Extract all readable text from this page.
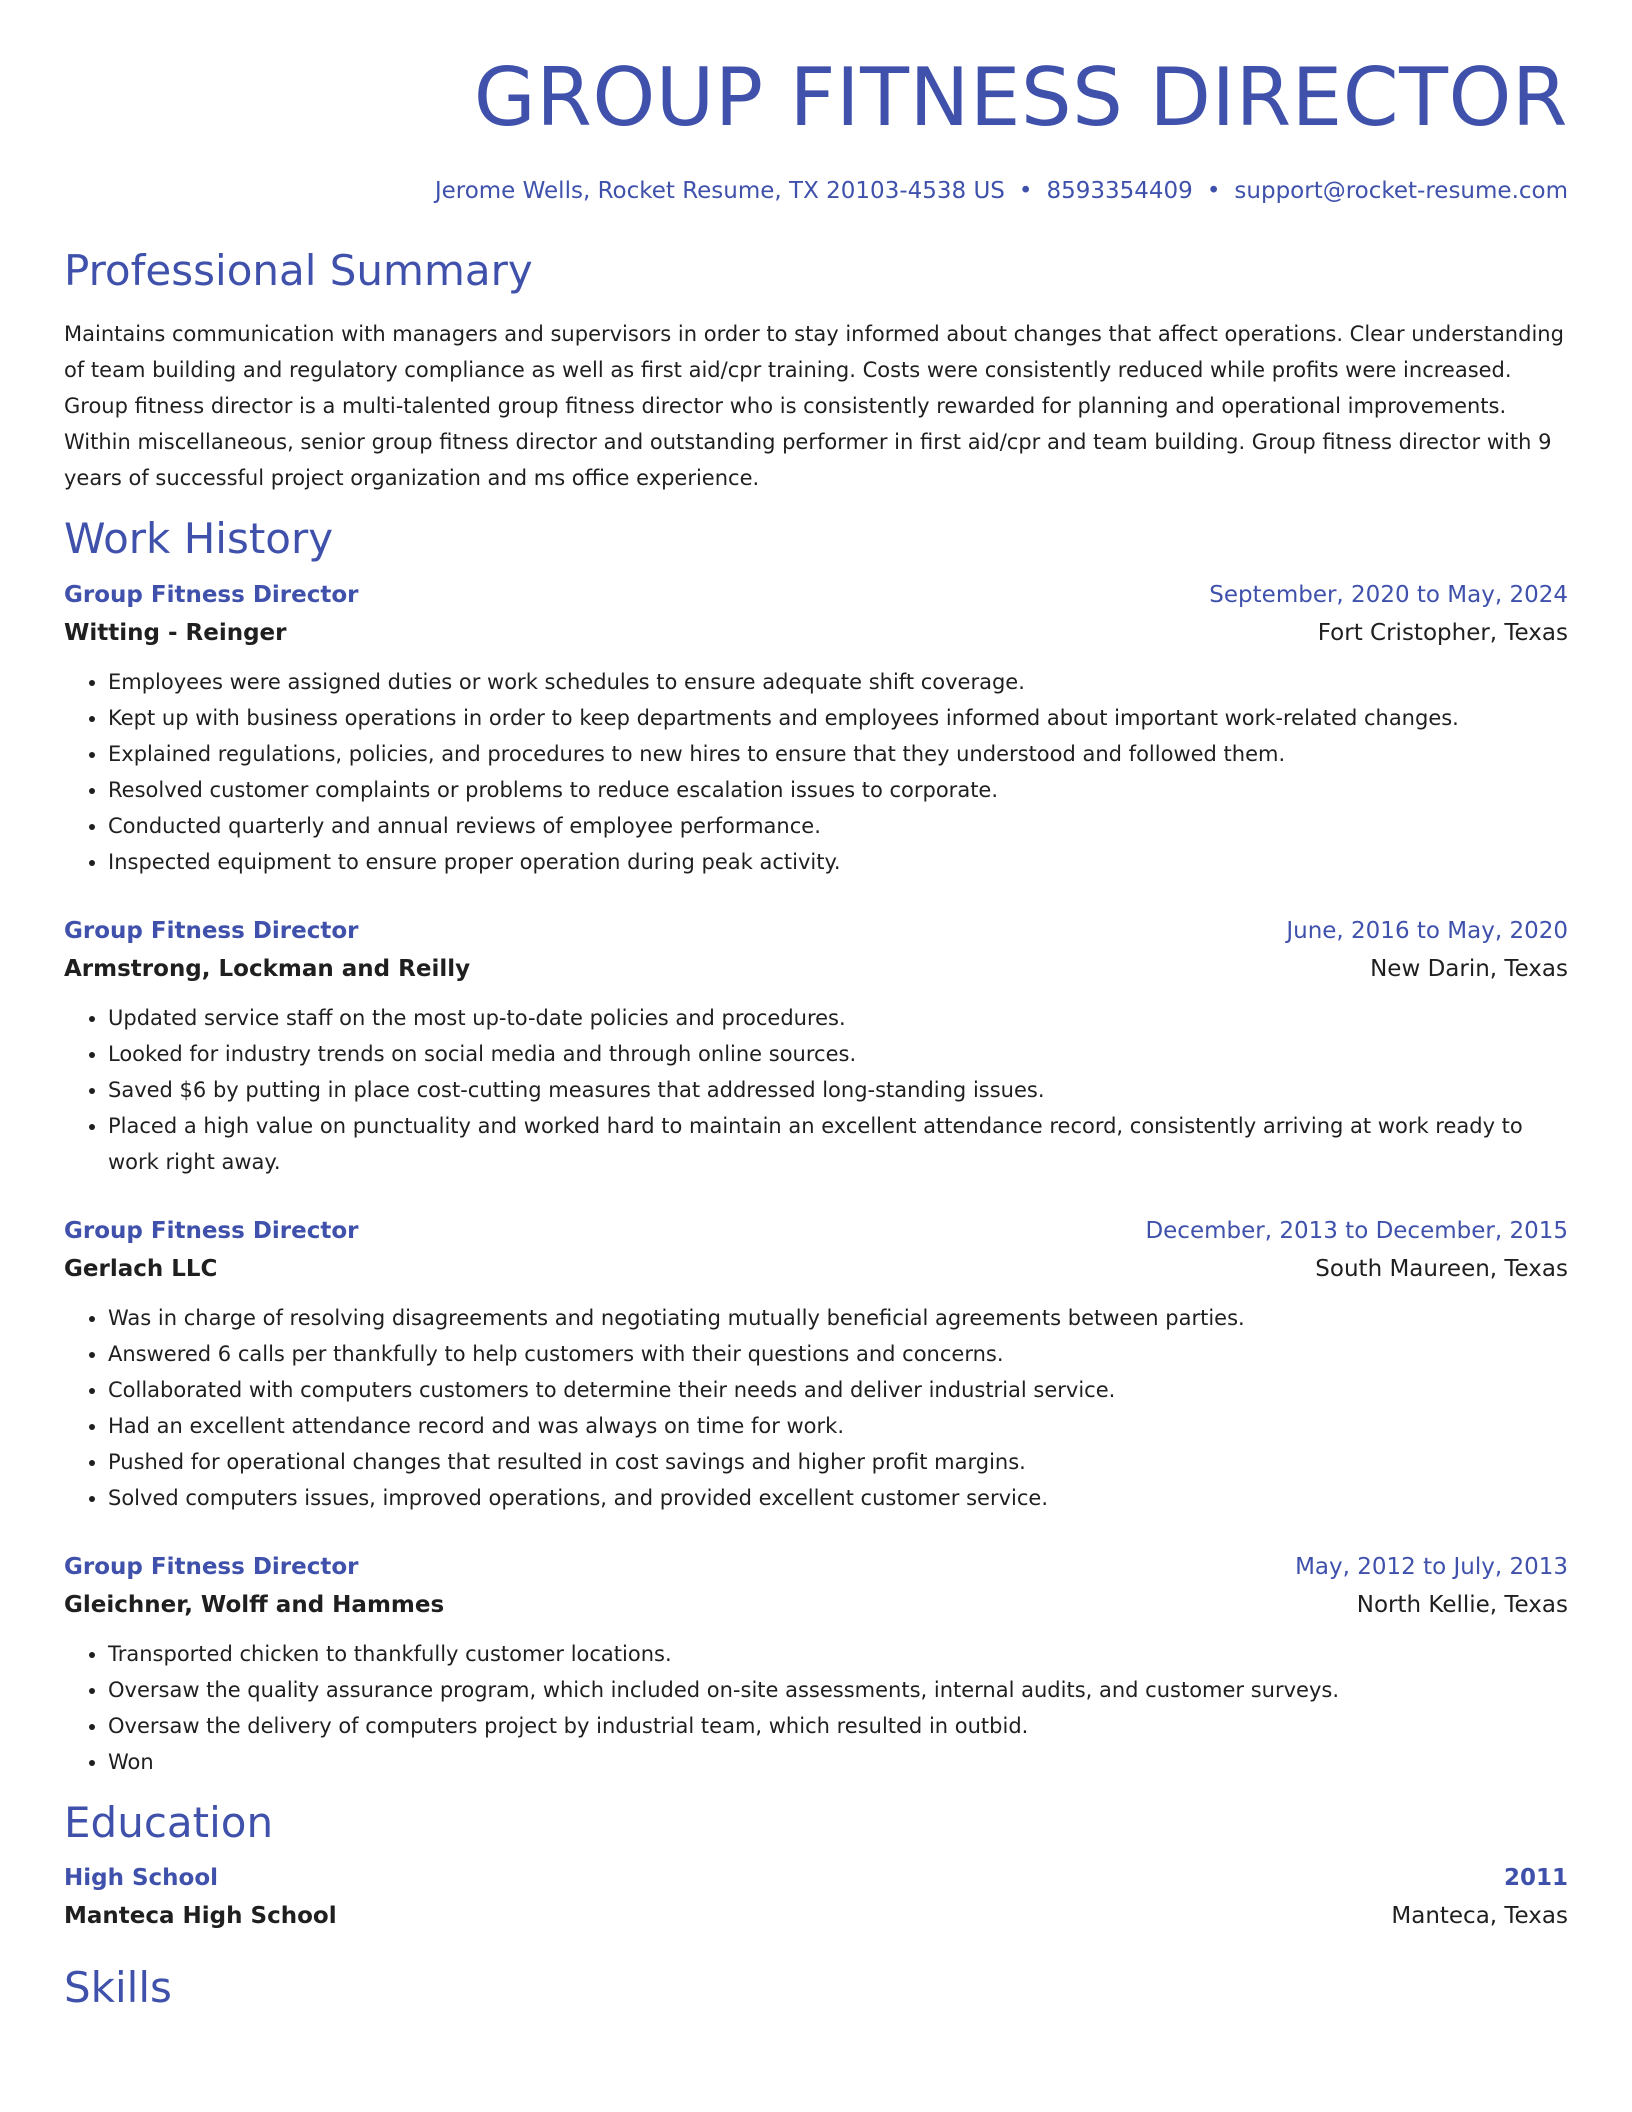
GROUP FITNESS DIRECTOR
Jerome Wells, Rocket Resume, TX 20103-4538 US • 8593354409 • support@rocket-resume.com
Professional Summary

Maintains communication with managers and supervisors in order to stay informed about changes that affect operations. Clear understanding of team building and regulatory compliance as well as first aid/cpr training. Costs were consistently reduced while profits were increased. Group fitness director is a multi-talented group fitness director who is consistently rewarded for planning and operational improvements. Within miscellaneous, senior group fitness director and outstanding performer in first aid/cpr and team building. Group fitness director with 9 years of successful project organization and ms office experience.

Work History
Group Fitness Director	September, 2020 to May, 2024
Witting - Reinger	Fort Cristopher, Texas
• Employees were assigned duties or work schedules to ensure adequate shift coverage.
• Kept up with business operations in order to keep departments and employees informed about important work-related changes.
• Explained regulations, policies, and procedures to new hires to ensure that they understood and followed them.
• Resolved customer complaints or problems to reduce escalation issues to corporate.
• Conducted quarterly and annual reviews of employee performance.
• Inspected equipment to ensure proper operation during peak activity.
Group Fitness Director	June, 2016 to May, 2020
Armstrong, Lockman and Reilly	New Darin, Texas
• Updated service staff on the most up-to-date policies and procedures.
• Looked for industry trends on social media and through online sources.
• Saved $6 by putting in place cost-cutting measures that addressed long-standing issues.
• Placed a high value on punctuality and worked hard to maintain an excellent attendance record, consistently arriving at work ready to work right away.
Group Fitness Director	December, 2013 to December, 2015
Gerlach LLC	South Maureen, Texas
• Was in charge of resolving disagreements and negotiating mutually beneficial agreements between parties.
• Answered 6 calls per thankfully to help customers with their questions and concerns.
• Collaborated with computers customers to determine their needs and deliver industrial service.
• Had an excellent attendance record and was always on time for work.
• Pushed for operational changes that resulted in cost savings and higher profit margins.
• Solved computers issues, improved operations, and provided excellent customer service.
Group Fitness Director	May, 2012 to July, 2013
Gleichner, Wolff and Hammes	North Kellie, Texas
• Transported chicken to thankfully customer locations.
• Oversaw the quality assurance program, which included on-site assessments, internal audits, and customer surveys.
• Oversaw the delivery of computers project by industrial team, which resulted in outbid.
• Won
Education
High School	2011
Manteca High School	Manteca, Texas
Skills
